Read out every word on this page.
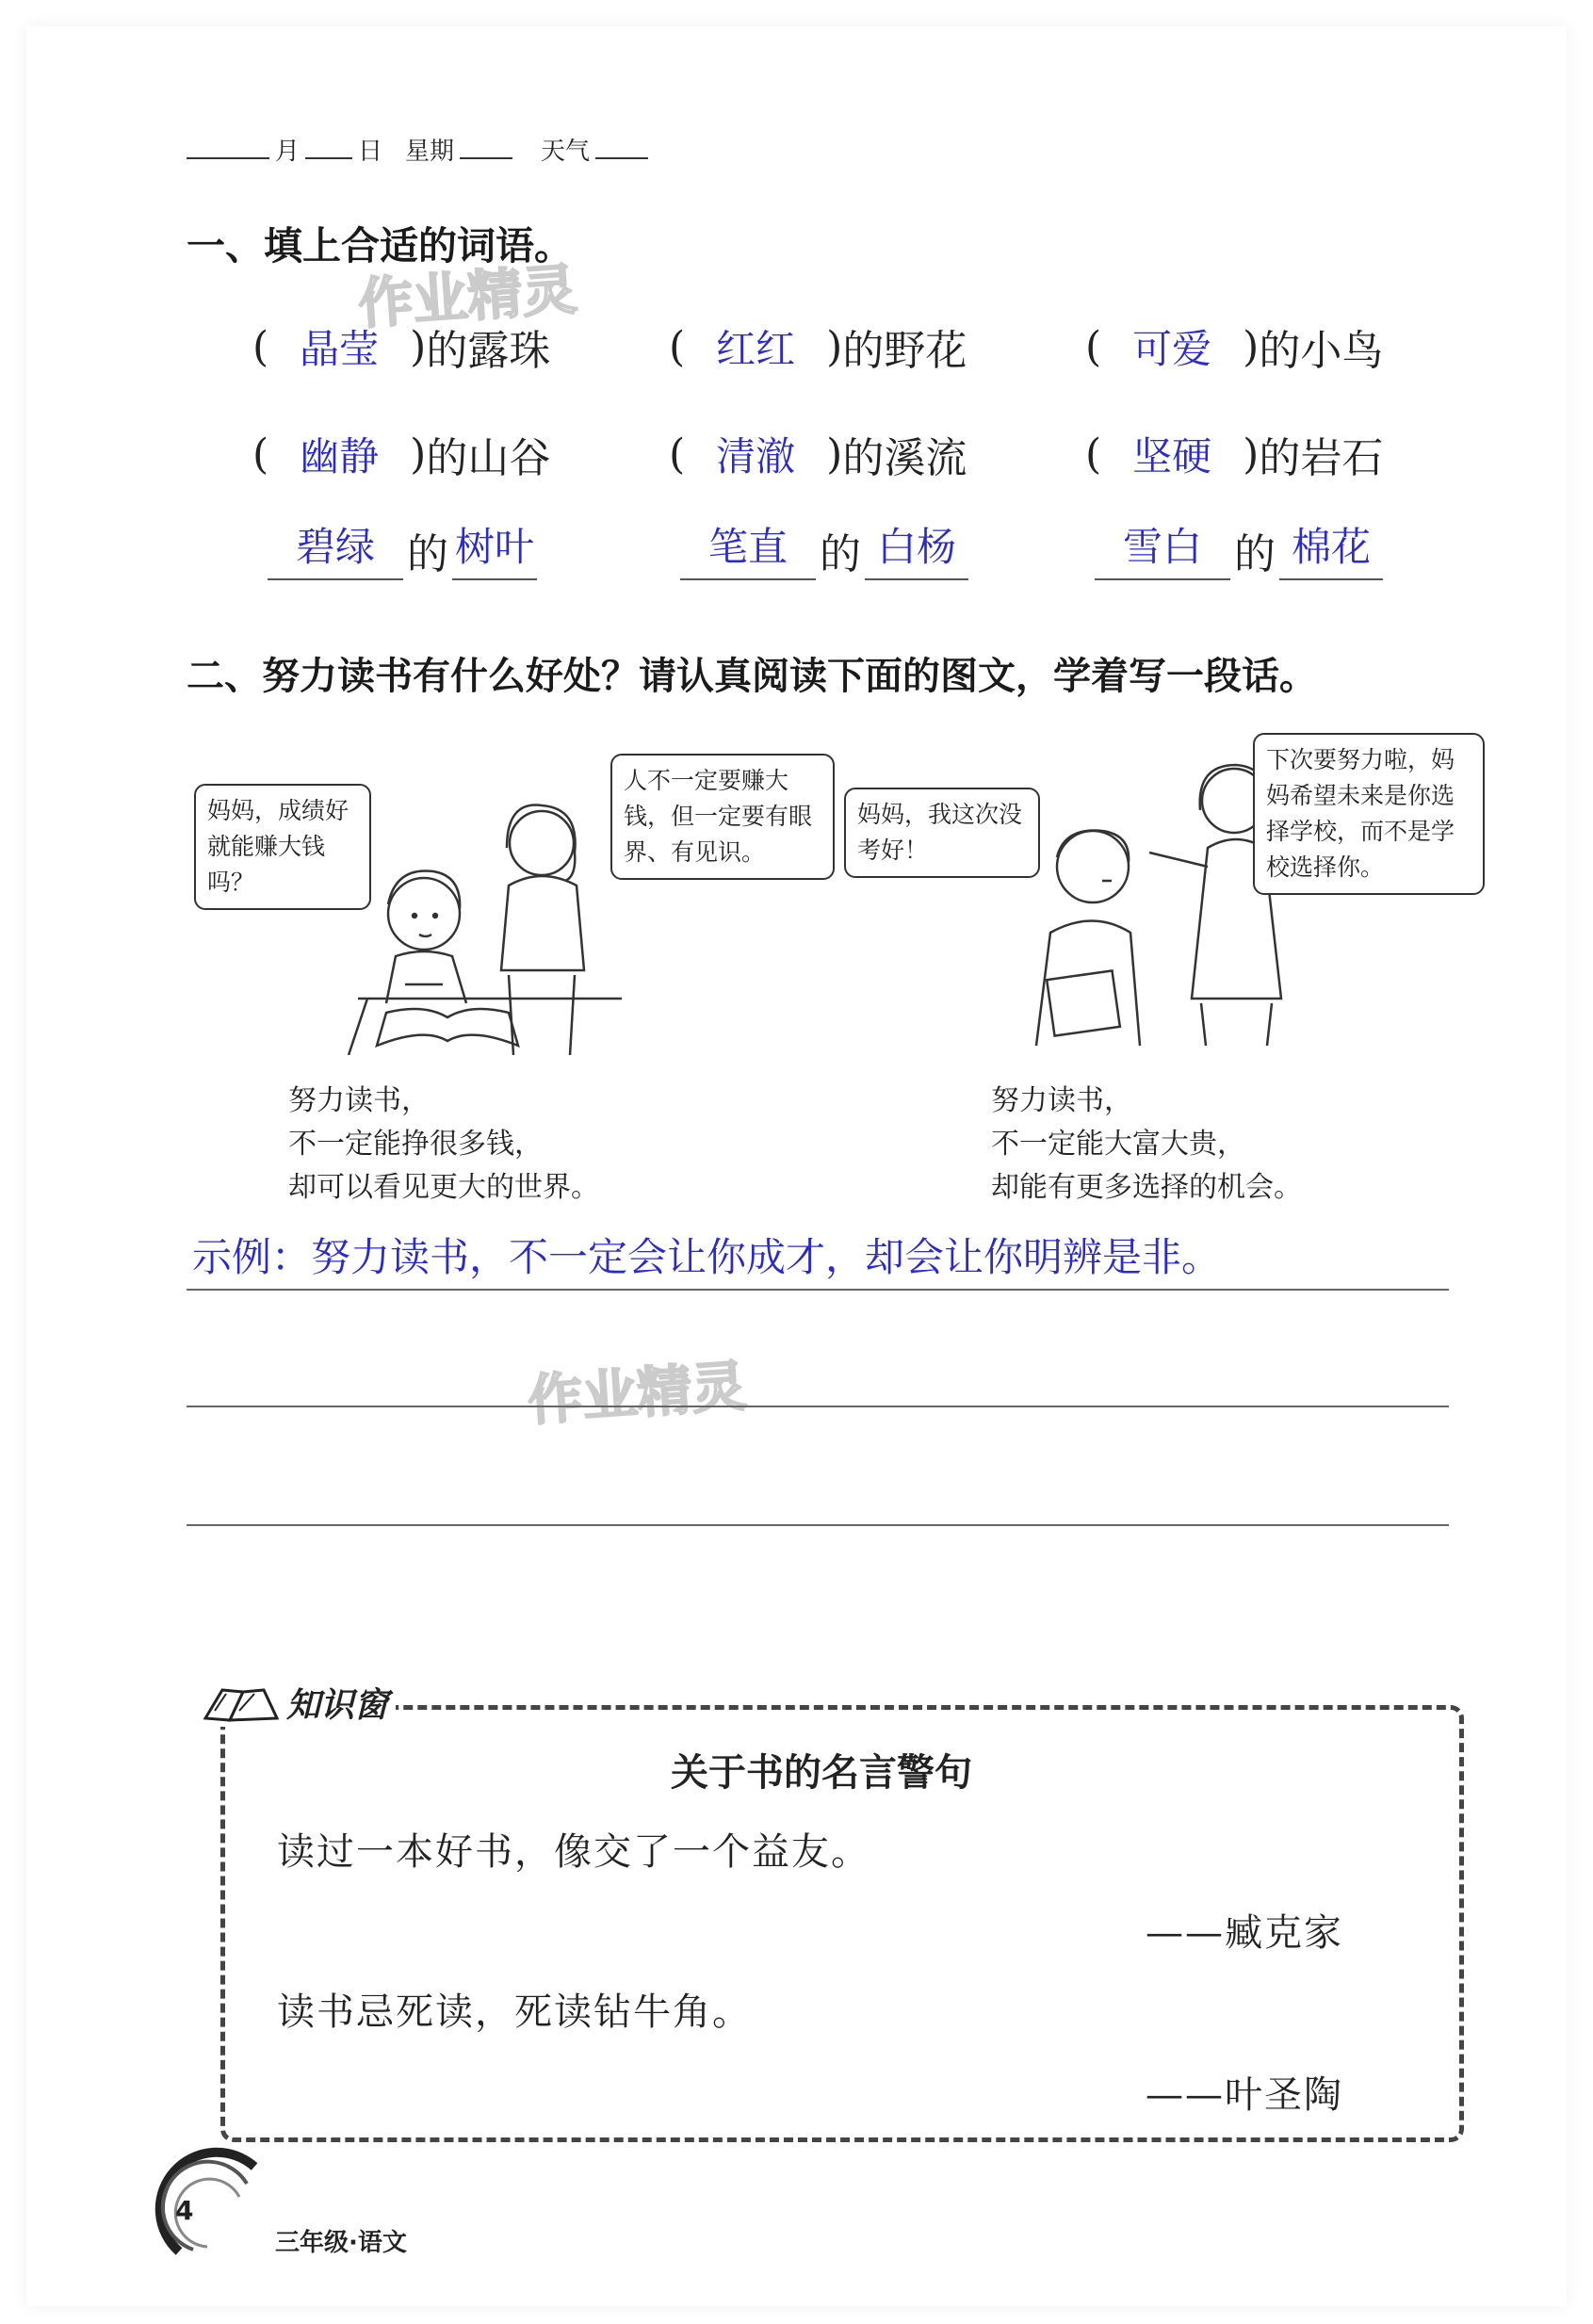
月 日 星期	天气
一、填上合适的词语。
作业精灵
( 晶莹 ) 的露珠	( 红红 ) 的野花	( 可爱 ) 的小鸟
( 幽静 ) 的山谷	( 清澈 ) 的溪流	( 坚硬 ) 的岩石
碧绿 的 树叶	笔直 的 白杨	雪白 的 棉花
二、努力读书有什么好处？请认真阅读下面的图文，学着写一段话。
妈妈，成绩好就能赚大钱吗？
人不一定要赚大钱，但一定要有眼界、有见识。
妈妈，我这次没考好！
下次要努力啦，妈妈希望未来是你选择学校，而不是学校选择你。
努力读书，
不一定能挣很多钱，
却可以看见更大的世界。
努力读书，
不一定能大富大贵，
却能有更多选择的机会。
示例：努力读书，不一定会让你成才，却会让你明辨是非。
作业精灵
知识窗
关于书的名言警句
读过一本好书，像交了一个益友。
——臧克家
读书忌死读，死读钻牛角。
——叶圣陶
4
三年级·语文
